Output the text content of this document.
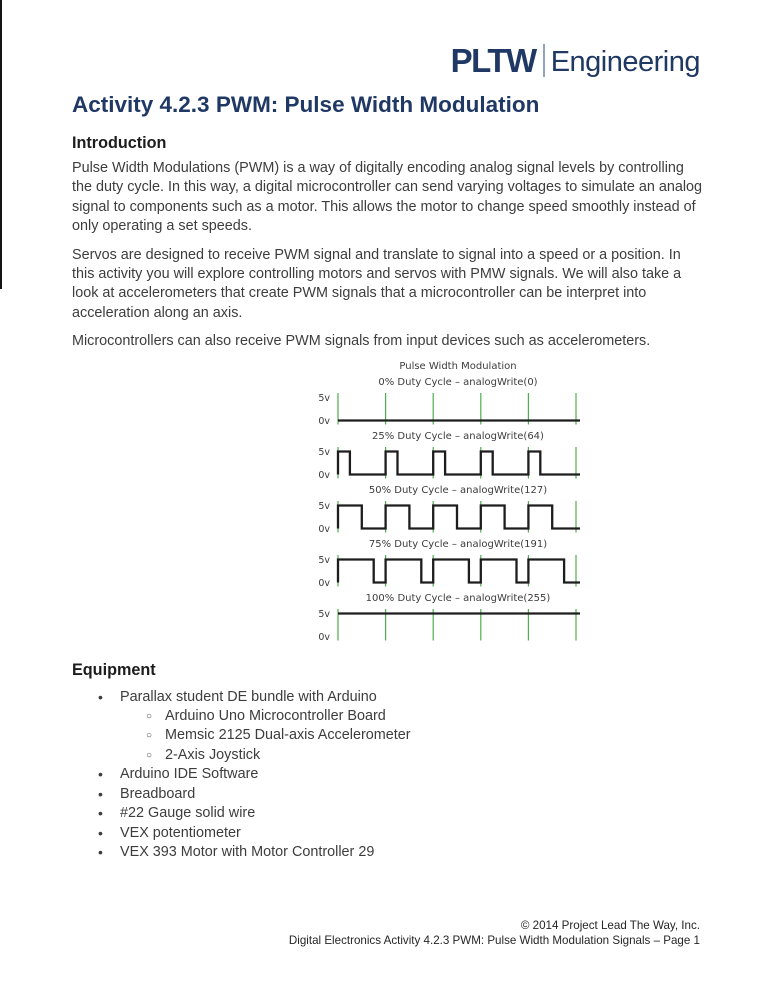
PLTW Engineering
Activity 4.2.3 PWM: Pulse Width Modulation
Introduction

Pulse Width Modulations (PWM) is a way of digitally encoding analog signal levels by controlling the duty cycle. In this way, a digital microcontroller can send varying voltages to simulate an analog signal to components such as a motor. This allows the motor to change speed smoothly instead of only operating a set speeds.

Servos are designed to receive PWM signal and translate to signal into a speed or a position. In this activity you will explore controlling motors and servos with PMW signals. We will also take a look at accelerometers that create PWM signals that a microcontroller can be interpret into acceleration along an axis.

Microcontrollers can also receive PWM signals from input devices such as accelerometers.

Pulse Width Modulation
0% Duty Cycle – analogWrite(0)
5v
0v
25% Duty Cycle – analogWrite(64)
5v
0v
50% Duty Cycle – analogWrite(127)
5v
0v
75% Duty Cycle – analogWrite(191)
5v
0v
100% Duty Cycle – analogWrite(255)
5v
0v
Equipment
•	Parallax student DE bundle with Arduino
○ Arduino Uno Microcontroller Board
○ Memsic 2125 Dual-axis Accelerometer
○ 2-Axis Joystick
•	Arduino IDE Software
•	Breadboard
•	#22 Gauge solid wire
•	VEX potentiometer
•	VEX 393 Motor with Motor Controller 29
© 2014 Project Lead The Way, Inc.
Digital Electronics Activity 4.2.3 PWM: Pulse Width Modulation Signals – Page 1
